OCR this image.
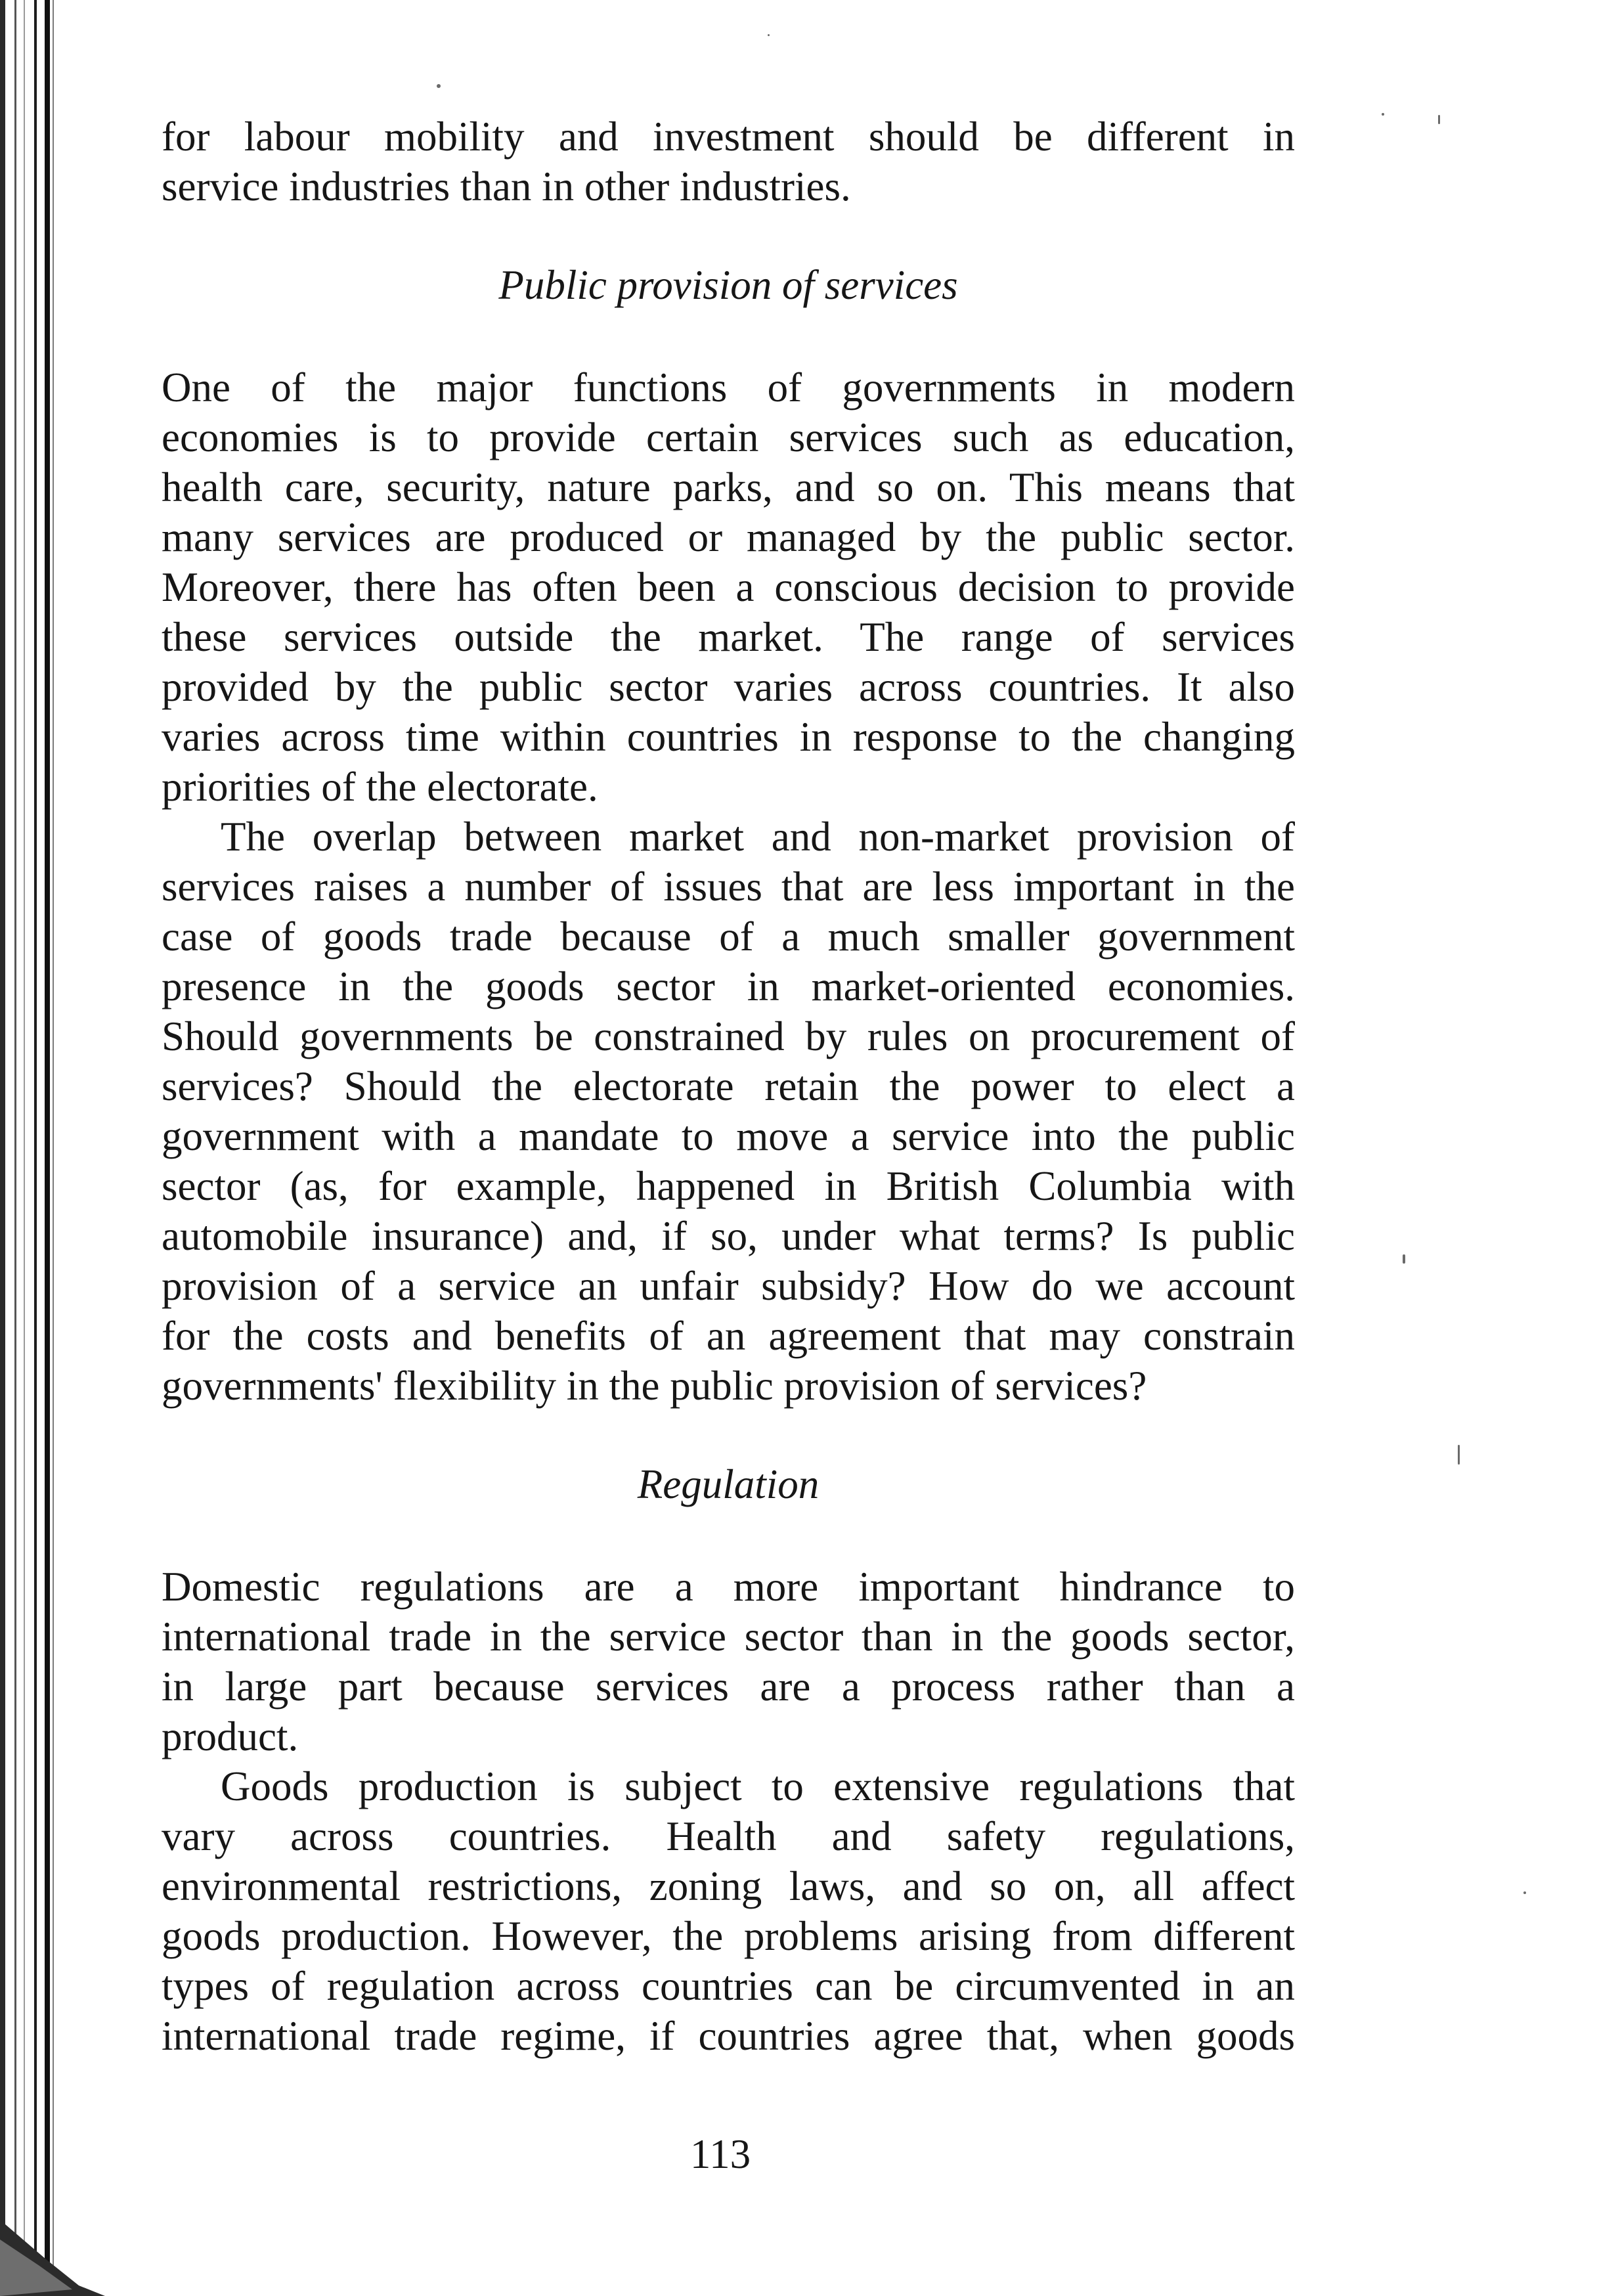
for labour mobility and investment should be different in
service industries than in other industries.
Public provision of services
One of the major functions of governments in modern
economies is to provide certain services such as education,
health care, security, nature parks, and so on. This means that
many services are produced or managed by the public sector.
Moreover, there has often been a conscious decision to provide
these services outside the market. The range of services
provided by the public sector varies across countries. It also
varies across time within countries in response to the changing
priorities of the electorate.
The overlap between market and non-market provision of
services raises a number of issues that are less important in the
case of goods trade because of a much smaller government
presence in the goods sector in market-oriented economies.
Should governments be constrained by rules on procurement of
services? Should the electorate retain the power to elect a
government with a mandate to move a service into the public
sector (as, for example, happened in British Columbia with
automobile insurance) and, if so, under what terms? Is public
provision of a service an unfair subsidy? How do we account
for the costs and benefits of an agreement that may constrain
governments' flexibility in the public provision of services?
Regulation
Domestic regulations are a more important hindrance to
international trade in the service sector than in the goods sector,
in large part because services are a process rather than a
product.
Goods production is subject to extensive regulations that
vary across countries. Health and safety regulations,
environmental restrictions, zoning laws, and so on, all affect
goods production. However, the problems arising from different
types of regulation across countries can be circumvented in an
international trade regime, if countries agree that, when goods
113
